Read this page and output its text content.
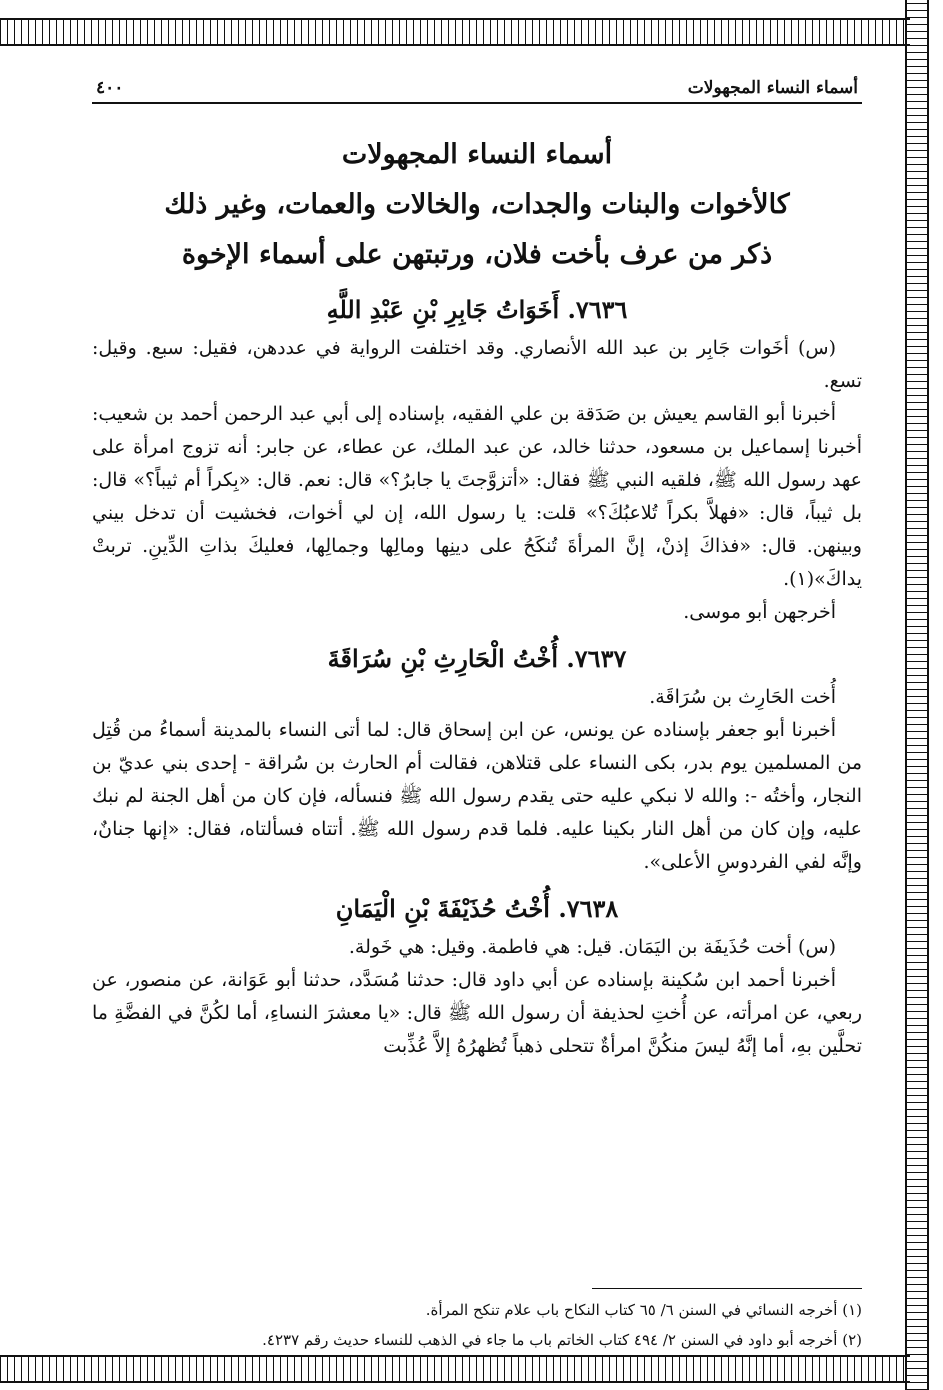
أسماء النساء المجهولات
٤٠٠
أسماء النساء المجهولات
كالأخوات والبنات والجدات، والخالات والعمات، وغير ذلك
ذكر من عرف بأخت فلان، ورتبتهن على أسماء الإخوة
٧٦٣٦. أَخَوَاتُ جَابِرِ بْنِ عَبْدِ اللَّهِ

(س) أخَوات جَابِر بن عبد الله الأنصاري. وقد اختلفت الرواية في عددهن، فقيل: سبع. وقيل: تسع.

أخبرنا أبو القاسم يعيش بن صَدَقة بن علي الفقيه، بإسناده إلى أبي عبد الرحمن أحمد بن شعيب: أخبرنا إسماعيل بن مسعود، حدثنا خالد، عن عبد الملك، عن عطاء، عن جابر: أنه تزوج امرأة على عهد رسول الله ﷺ، فلقيه النبي ﷺ فقال: «أتزوَّجتَ يا جابرُ؟» قال: نعم. قال: «بِكراً أم ثيباً؟» قال: بل ثيباً، قال: «فهلاَّ بكراً تُلاعبُكَ؟» قلت: يا رسول الله، إن لي أخوات، فخشيت أن تدخل بيني وبينهن. قال: «فذاكَ إذنْ، إنَّ المرأةَ تُنكَحُ على دينِها ومالِها وجمالِها، فعليكَ بذاتِ الدِّينِ. تربتْ يداكَ»(١).

أخرجهن أبو موسى.

٧٦٣٧. أُخْتُ الْحَارِثِ بْنِ سُرَاقَةَ

أُخت الحَارِث بن سُرَاقَة.

أخبرنا أبو جعفر بإسناده عن يونس، عن ابن إسحاق قال: لما أتى النساء بالمدينة أسماءُ من قُتِل من المسلمين يوم بدر، بكى النساء على قتلاهن، فقالت أم الحارث بن سُراقة - إحدى بني عديّ بن النجار، وأختُه -: والله لا نبكي عليه حتى يقدم رسول الله ﷺ فنسأله، فإن كان من أهل الجنة لم نبك عليه، وإن كان من أهل النار بكينا عليه. فلما قدم رسول الله ﷺ. أتتاه فسألتاه، فقال: «إنها جنانٌ، وإنَّه لفي الفردوسِ الأعلى».

٧٦٣٨. أُخْتُ حُذَيْفَةَ بْنِ الْيَمَانِ

(س) أخت حُذَيفَة بن اليَمَان. قيل: هي فاطمة. وقيل: هي خَولة.

أخبرنا أحمد ابن سُكينة بإسناده عن أبي داود قال: حدثنا مُسَدَّد، حدثنا أبو عَوَانة، عن منصور، عن ربعي، عن امرأته، عن أُختِ لحذيفة أن رسول الله ﷺ قال: «يا معشرَ النساءِ، أما لكُنَّ في الفضَّةِ ما تحلَّين بهِ، أما إنَّهُ ليسَ منكُنَّ امرأةٌ تتحلى ذهباً تُظهرُهُ إلاَّ عُذِّبت

(١) أخرجه النسائي في السنن ٦/ ٦٥ كتاب النكاح باب علام تنكح المرأة.
(٢) أخرجه أبو داود في السنن ٢/ ٤٩٤ كتاب الخاتم باب ما جاء في الذهب للنساء حديث رقم ٤٢٣٧.
